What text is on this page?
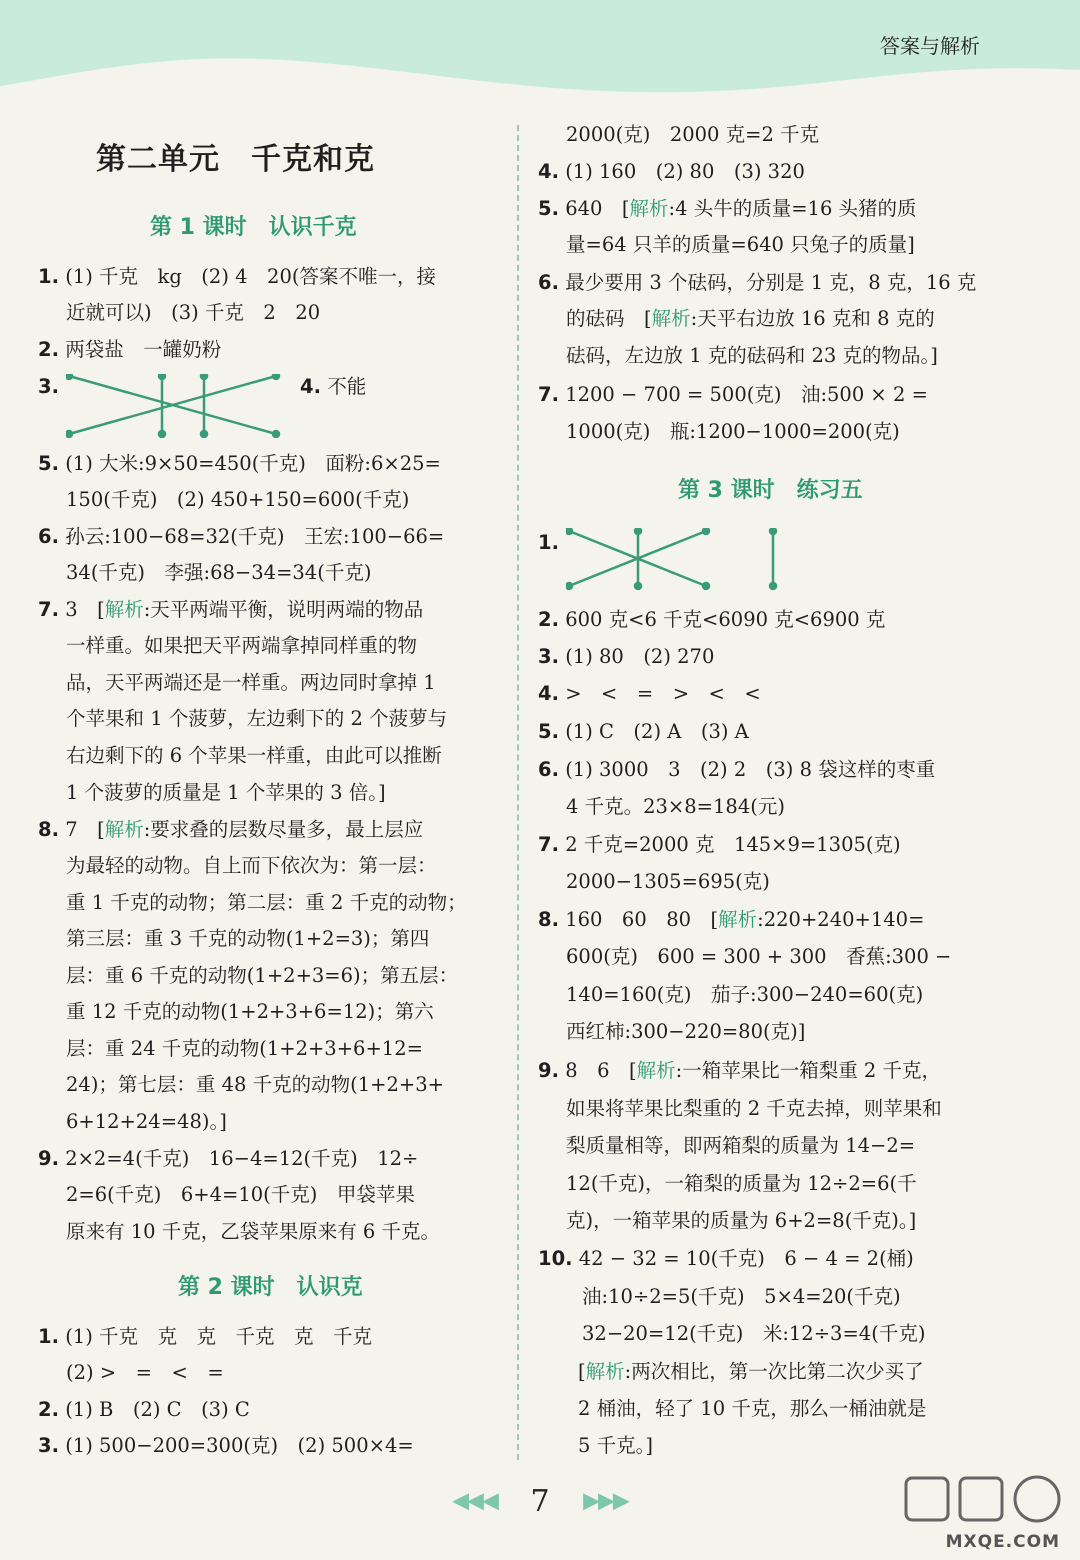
答案与解析
第二单元　千克和克
第 1 课时　认识千克
1. (1) 千克　kg　(2) 4　20(答案不唯一，接
近就可以)　(3) 千克　2　20
2. 两袋盐　一罐奶粉
3.	4. 不能
5. (1) 大米:9×50=450(千克)　面粉:6×25=
150(千克)　(2) 450+150=600(千克)
6. 孙云:100−68=32(千克)　王宏:100−66=
34(千克)　李强:68−34=34(千克)
7. 3　[解析:天平两端平衡，说明两端的物品
一样重。如果把天平两端拿掉同样重的物
品，天平两端还是一样重。两边同时拿掉 1
个苹果和 1 个菠萝，左边剩下的 2 个菠萝与
右边剩下的 6 个苹果一样重，由此可以推断
1 个菠萝的质量是 1 个苹果的 3 倍。]
8. 7　[解析:要求叠的层数尽量多，最上层应
为最轻的动物。自上而下依次为：第一层：
重 1 千克的动物；第二层：重 2 千克的动物；
第三层：重 3 千克的动物(1+2=3)；第四
层：重 6 千克的动物(1+2+3=6)；第五层：
重 12 千克的动物(1+2+3+6=12)；第六
层：重 24 千克的动物(1+2+3+6+12=
24)；第七层：重 48 千克的动物(1+2+3+
6+12+24=48)。]
9. 2×2=4(千克)　16−4=12(千克)　12÷
2=6(千克)　6+4=10(千克)　甲袋苹果
原来有 10 千克，乙袋苹果原来有 6 千克。
第 2 课时　认识克
1. (1) 千克　克　克　千克　克　千克
(2) >　=　<　=
2. (1) B　(2) C　(3) C
3. (1) 500−200=300(克)　(2) 500×4=
2000(克)　2000 克=2 千克
4. (1) 160　(2) 80　(3) 320
5. 640　[解析:4 头牛的质量=16 头猪的质
量=64 只羊的质量=640 只兔子的质量]
6. 最少要用 3 个砝码，分别是 1 克，8 克，16 克
的砝码　[解析:天平右边放 16 克和 8 克的
砝码，左边放 1 克的砝码和 23 克的物品。]
7. 1200 − 700 = 500(克)　油:500 × 2 =
1000(克)　瓶:1200−1000=200(克)
第 3 课时　练习五
1.
2. 600 克<6 千克<6090 克<6900 克
3. (1) 80　(2) 270
4. >　<　=　>　<　<
5. (1) C　(2) A　(3) A
6. (1) 3000　3　(2) 2　(3) 8 袋这样的枣重
4 千克。23×8=184(元)
7. 2 千克=2000 克　145×9=1305(克)
2000−1305=695(克)
8. 160　60　80　[解析:220+240+140=
600(克)　600 = 300 + 300　香蕉:300 −
140=160(克)　茄子:300−240=60(克)
西红柿:300−220=80(克)]
9. 8　6　[解析:一箱苹果比一箱梨重 2 千克，
如果将苹果比梨重的 2 千克去掉，则苹果和
梨质量相等，即两箱梨的质量为 14−2=
12(千克)，一箱梨的质量为 12÷2=6(千
克)，一箱苹果的质量为 6+2=8(千克)。]
10. 42 − 32 = 10(千克)　6 − 4 = 2(桶)
油:10÷2=5(千克)　5×4=20(千克)
32−20=12(千克)　米:12÷3=4(千克)
[解析:两次相比，第一次比第二次少买了
2 桶油，轻了 10 千克，那么一桶油就是
5 千克。]
◀◀◀ 7 ▶▶▶
MXQE.COM
